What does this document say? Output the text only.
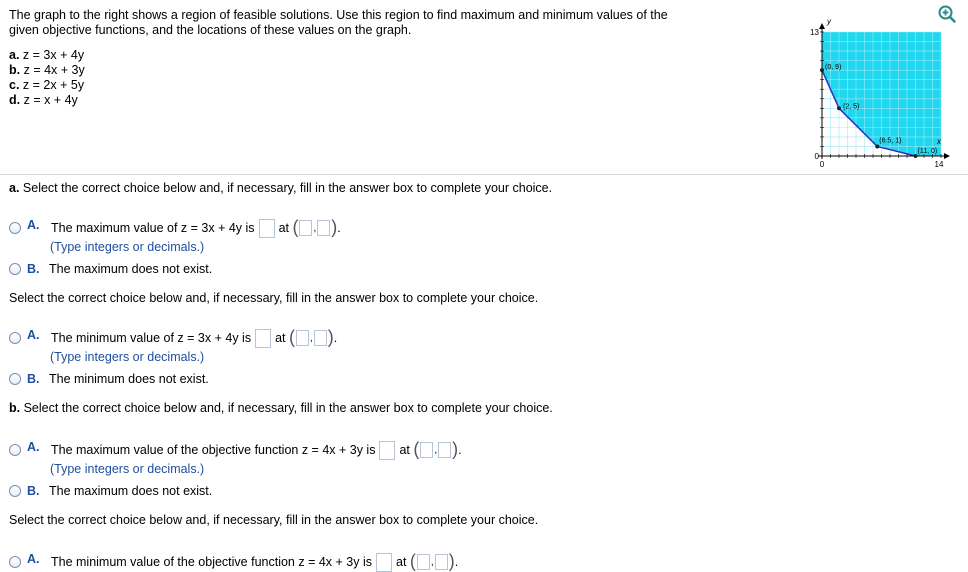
The graph to the right shows a region of feasible solutions. Use this region to find maximum and minimum values of the
given objective functions, and the locations of these values on the graph.
a. z = 3x + 4y
b. z = 4x + 3y
c. z = 2x + 5y
d. z = x + 4y
(0, 9)
(2, 5)
(6.5, 1)
(11, 0)
y
x
13
0
0	14
a. Select the correct choice below and, if necessary, fill in the answer box to complete your choice.
A. The maximum value of z = 3x + 4y is at
( , ) .
(Type integers or decimals.)
B. The maximum does not exist.
Select the correct choice below and, if necessary, fill in the answer box to complete your choice.
A. The minimum value of z = 3x + 4y is at
( , ) .
(Type integers or decimals.)
B. The minimum does not exist.
b. Select the correct choice below and, if necessary, fill in the answer box to complete your choice.
A. The maximum value of the objective function z = 4x + 3y is at
( , ) .
(Type integers or decimals.)
B. The maximum does not exist.
Select the correct choice below and, if necessary, fill in the answer box to complete your choice.
A. The minimum value of the objective function z = 4x + 3y is at
( , ) .
